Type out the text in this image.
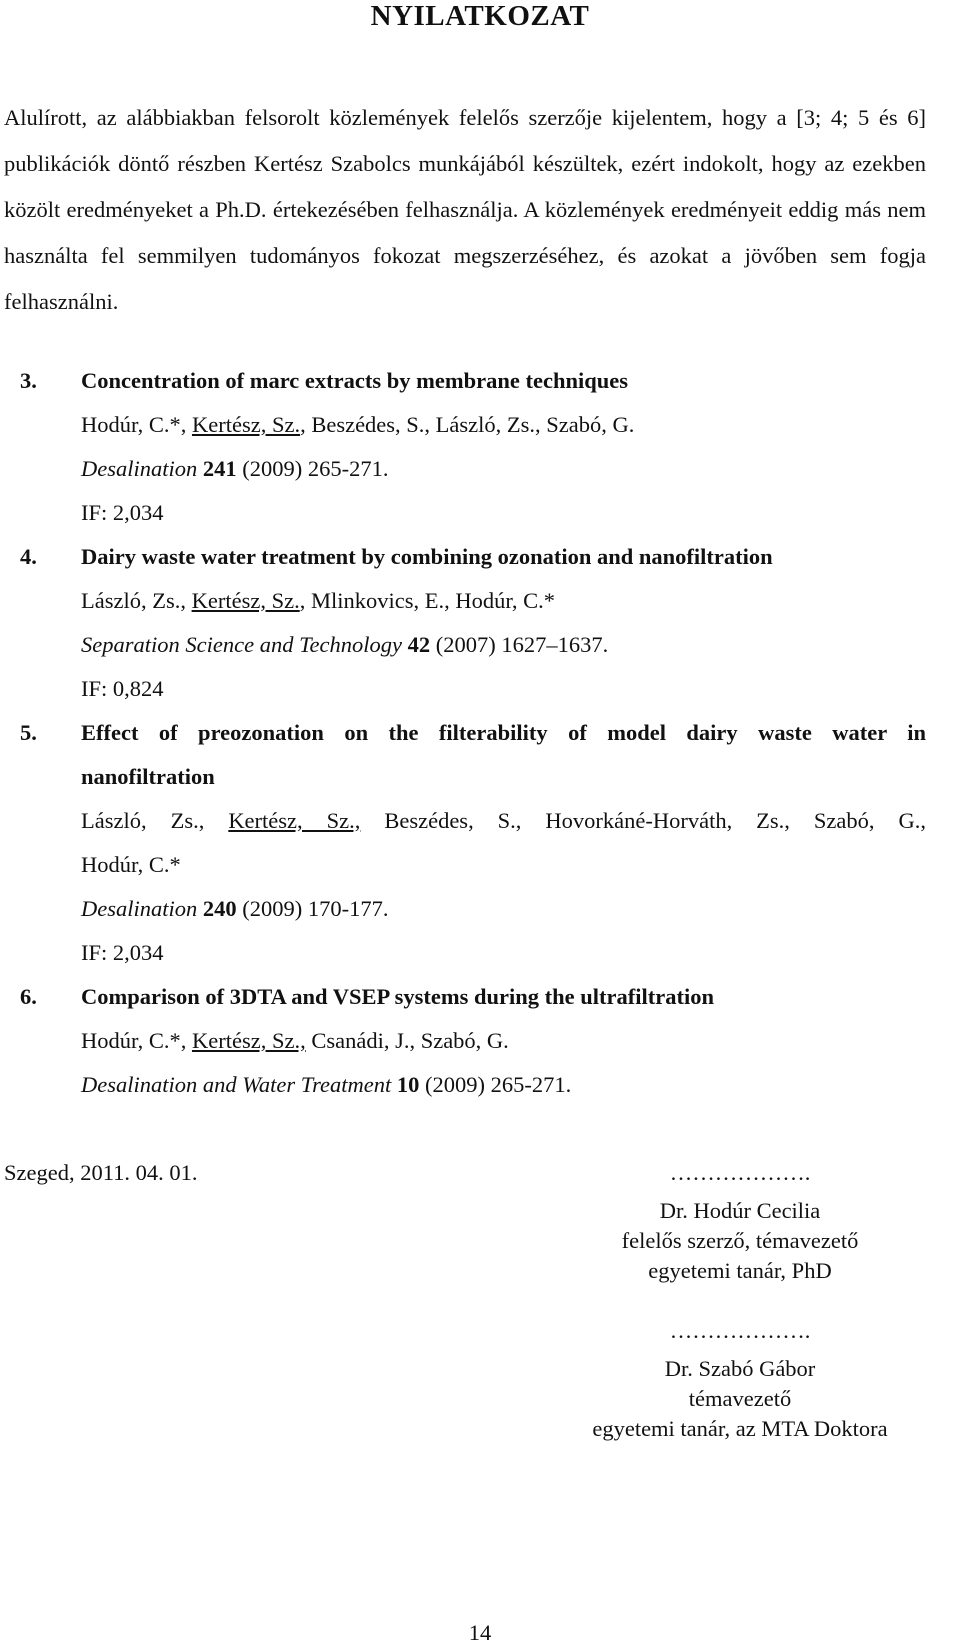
NYILATKOZAT
Alulírott, az alábbiakban felsorolt közlemények felelős szerzője kijelentem, hogy a [3; 4; 5 és 6] publikációk döntő részben Kertész Szabolcs munkájából készültek, ezért indokolt, hogy az ezekben közölt eredményeket a Ph.D. értekezésében felhasználja. A közlemények eredményeit eddig más nem használta fel semmilyen tudományos fokozat megszerzéséhez, és azokat a jövőben sem fogja felhasználni.
3. Concentration of marc extracts by membrane techniques
Hodúr, C.*, Kertész, Sz., Beszédes, S., László, Zs., Szabó, G.
Desalination 241 (2009) 265-271.
IF: 2,034
4. Dairy waste water treatment by combining ozonation and nanofiltration
László, Zs., Kertész, Sz., Mlinkovics, E., Hodúr, C.*
Separation Science and Technology 42 (2007) 1627–1637.
IF: 0,824
5. Effect of preozonation on the filterability of model dairy waste water in
nanofiltration
László, Zs., Kertész, Sz., Beszédes, S., Hovorkáné-Horváth, Zs., Szabó, G.,
Hodúr, C.*
Desalination 240 (2009) 170-177.
IF: 2,034
6. Comparison of 3DTA and VSEP systems during the ultrafiltration
Hodúr, C.*, Kertész, Sz., Csanádi, J., Szabó, G.
Desalination and Water Treatment 10 (2009) 265-271.
Szeged, 2011. 04. 01.	……………….
Dr. Hodúr Cecilia
felelős szerző, témavezető
egyetemi tanár, PhD
……………….
Dr. Szabó Gábor
témavezető
egyetemi tanár, az MTA Doktora
14
